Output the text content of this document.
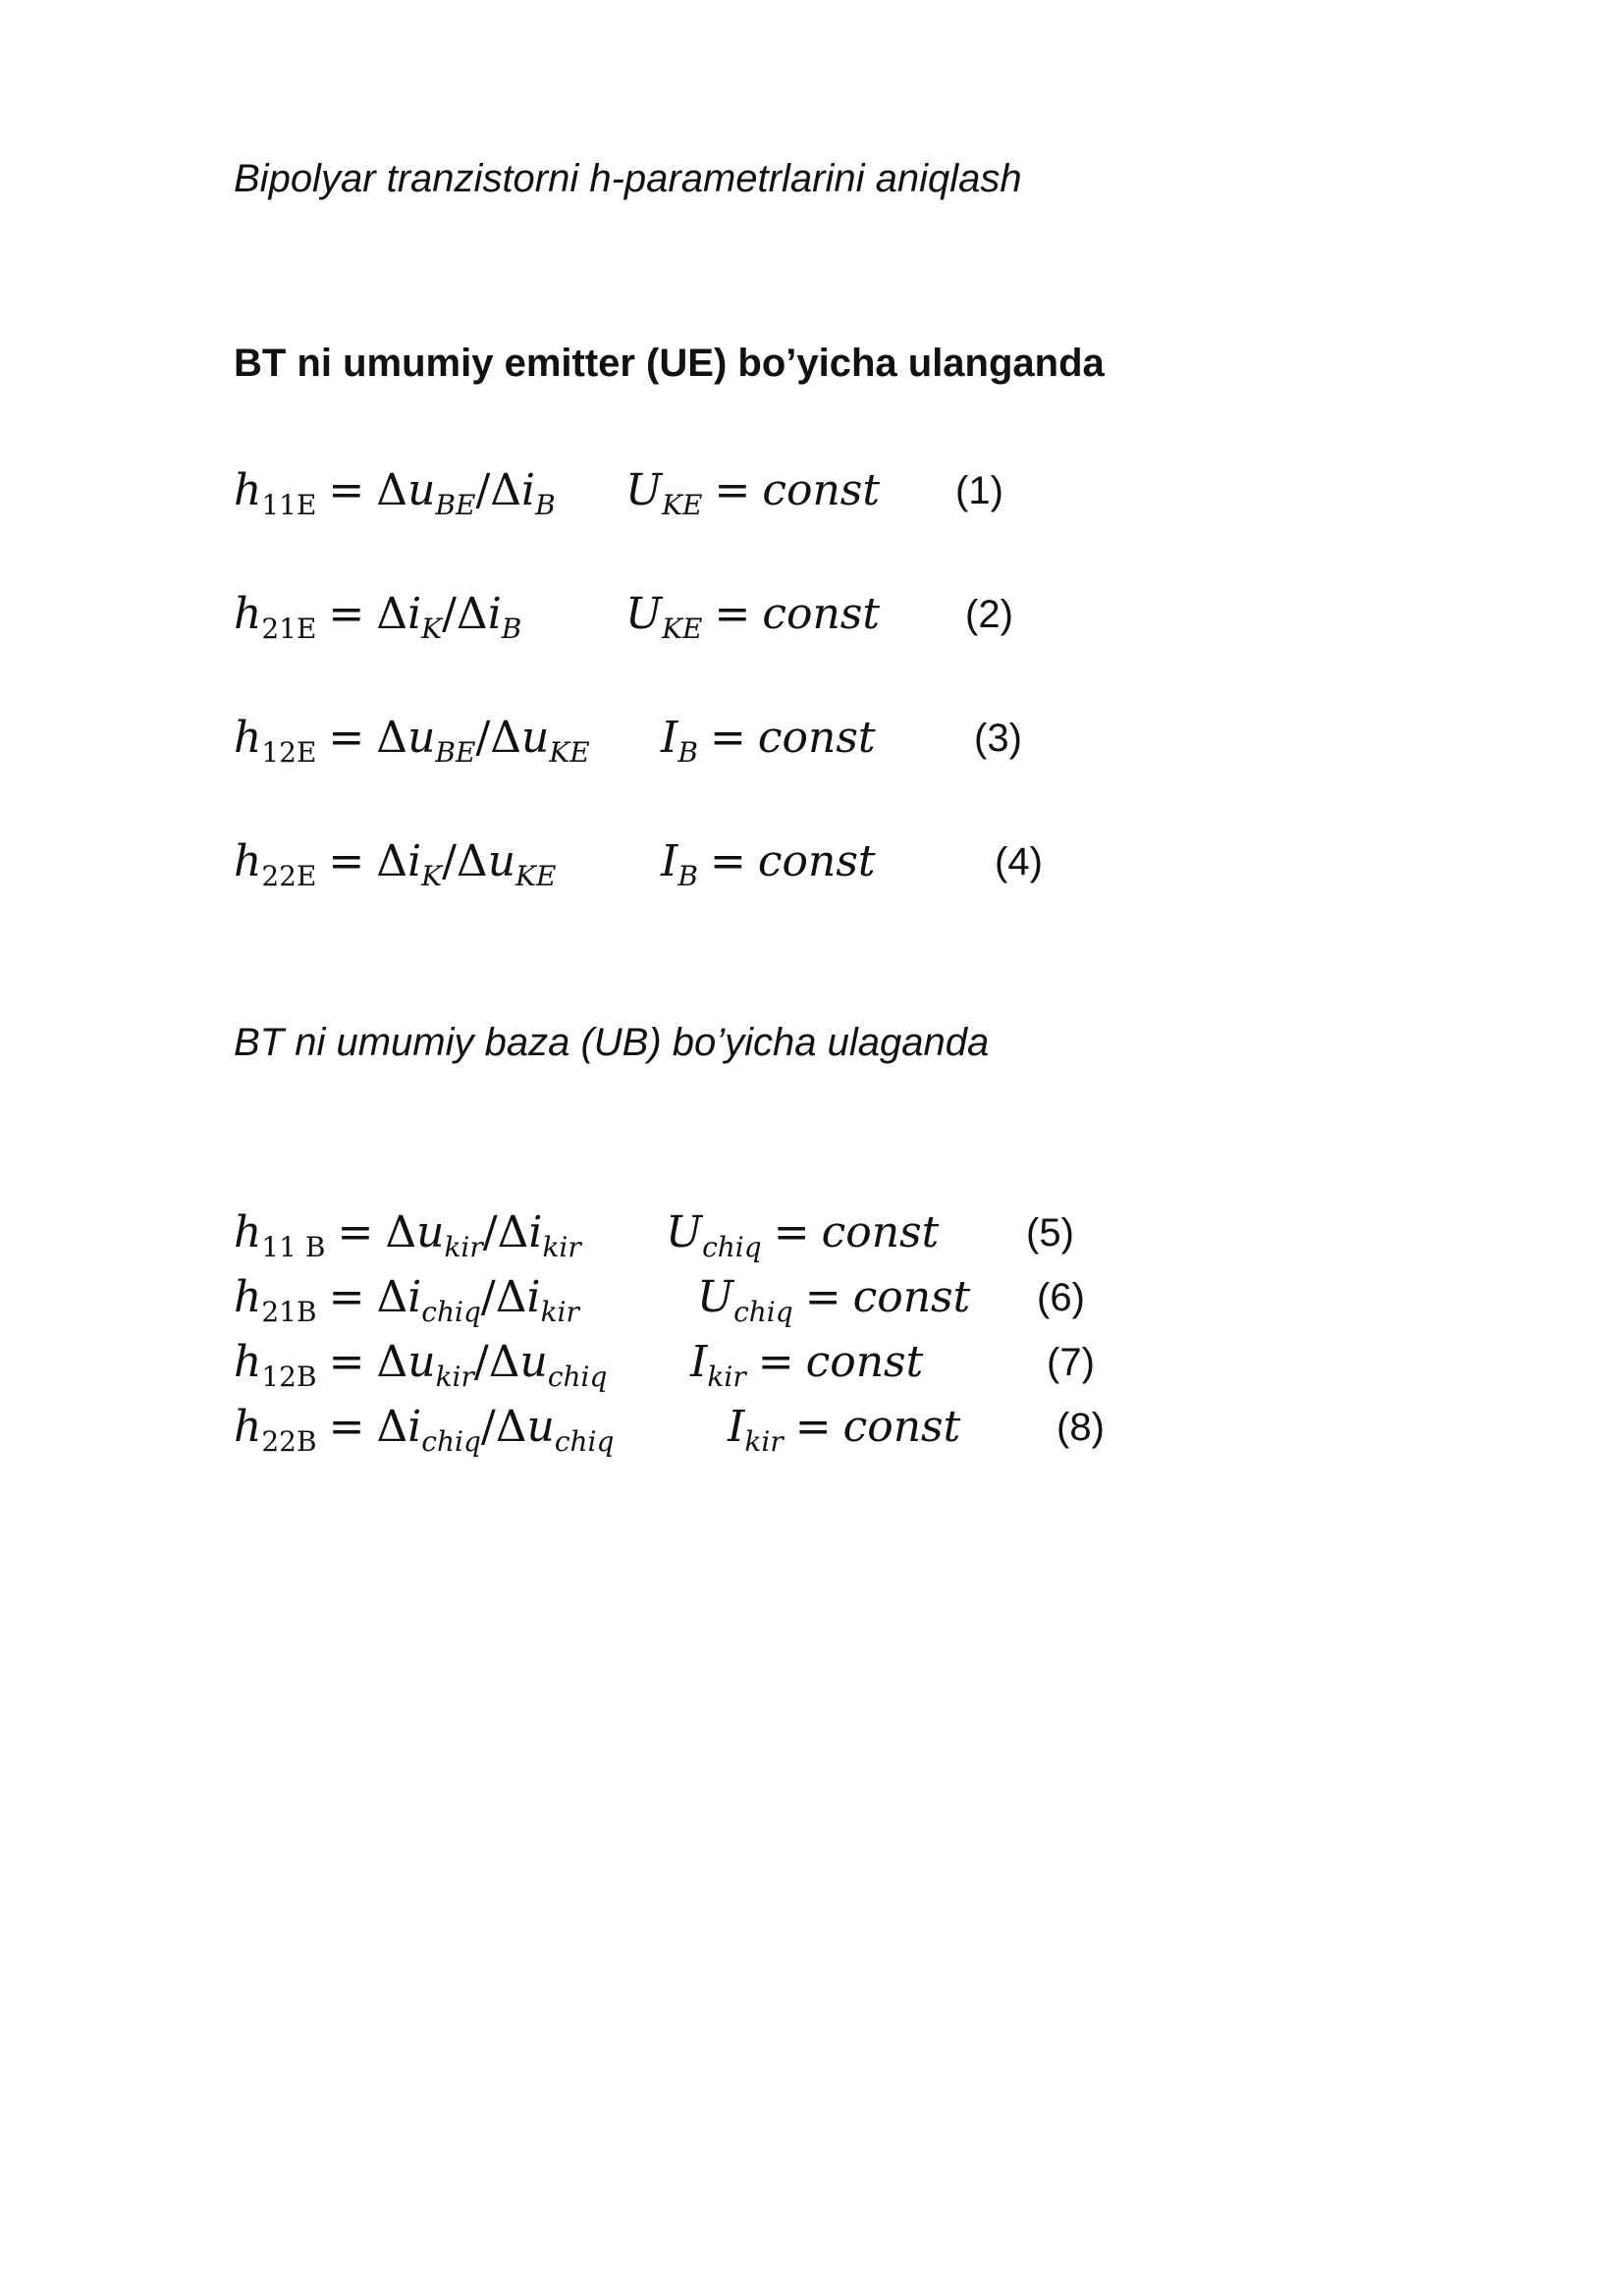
Bipolyar tranzistorni h-parametrlarini aniqlash
BT ni umumiy emitter (UE) bo’yicha ulanganda
$h_{11E} = \Delta u_{BE}/\Delta i_B$ $U_{KE}$ = const (1)
$h_{21E} = \Delta i_K/\Delta i_B$ $U_{KE}$ = const (2)
$h_{12E} = \Delta u_{BE}/\Delta u_{KE}$ $I_B$ = const	(3)
$h_{22E} = \Delta i_K/\Delta u_{KE}$ $I_B$ = const	(4)
BT ni umumiy baza (UB) bo’yicha ulaganda
$h_{11 B} = \Delta u_{kir}/\Delta i_{kir}$ $U_{chiq}$ = const (5)
$h_{21B} = \Delta i_{chiq}/\Delta i_{kir}$	$U_{chiq}$ = const (6)
$h_{12B} = \Delta u_{kir}/\Delta u_{chiq}$ $I_{kir}$ = const	(7)
$h_{22B} = \Delta i_{chiq}/\Delta u_{chiq}$	$I_{kir}$ = const (8)
